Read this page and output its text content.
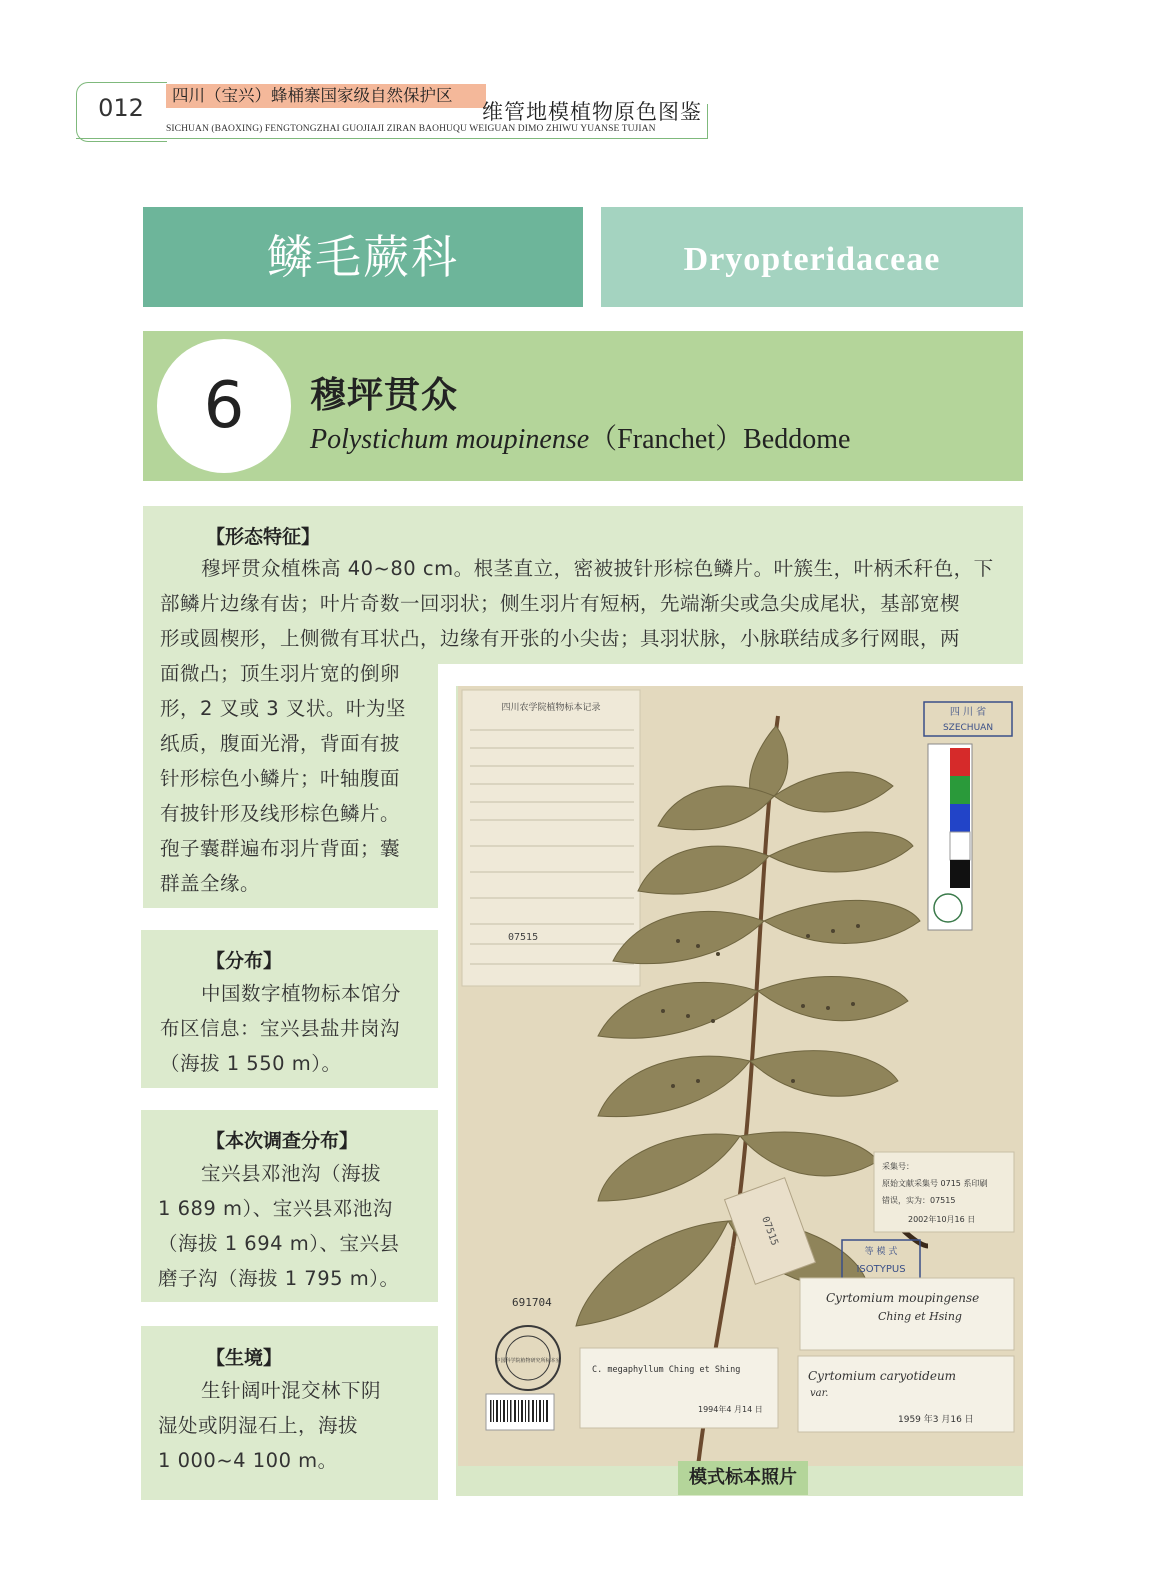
012	四川（宝兴）蜂桶寨国家级自然保护区
维管地模植物原色图鉴
SICHUAN (BAOXING) FENGTONGZHAI GUOJIAJI ZIRAN BAOHUQU WEIGUAN DIMO ZHIWU YUANSE TUJIAN
鳞毛蕨科	Dryopteridaceae
6	穆坪贯众
Polystichum moupinense（Franchet）Beddome
【形态特征】
穆坪贯众植株高 40~80 cm。根茎直立，密被披针形棕色鳞片。叶簇生，叶柄禾秆色，下
部鳞片边缘有齿；叶片奇数一回羽状；侧生羽片有短柄，先端渐尖或急尖成尾状，基部宽楔
形或圆楔形，上侧微有耳状凸，边缘有开张的小尖齿；具羽状脉，小脉联结成多行网眼，两
面微凸；顶生羽片宽的倒卵
形，2 叉或 3 叉状。叶为坚
纸质，腹面光滑，背面有披
针形棕色小鳞片；叶轴腹面
有披针形及线形棕色鳞片。
孢子囊群遍布羽片背面；囊
群盖全缘。
【分布】
中国数字植物标本馆分
布区信息：宝兴县盐井岗沟
（海拔 1 550 m）。
【本次调查分布】
宝兴县邓池沟（海拔
1 689 m）、宝兴县邓池沟
（海拔 1 694 m）、宝兴县
磨子沟（海拔 1 795 m）。
【生境】
生针阔叶混交林下阴
湿处或阴湿石上，海拔
1 000~4 100 m。
四川农学院植物标本记录
07515
四 川 省
SZECHUAN
07515
采集号：
原始文献采集号 0715 系印刷
错误，实为：07515
2002年10月16 日
等 模 式
ISOTYPUS
691704
中国科学院植物研究所标本室
C. megaphyllum Ching et Shing
1994年4 月14 日
Cyrtomium moupingense
Ching et Hsing
Cyrtomium caryotideum
var.
1959 年3 月16 日
模式标本照片
